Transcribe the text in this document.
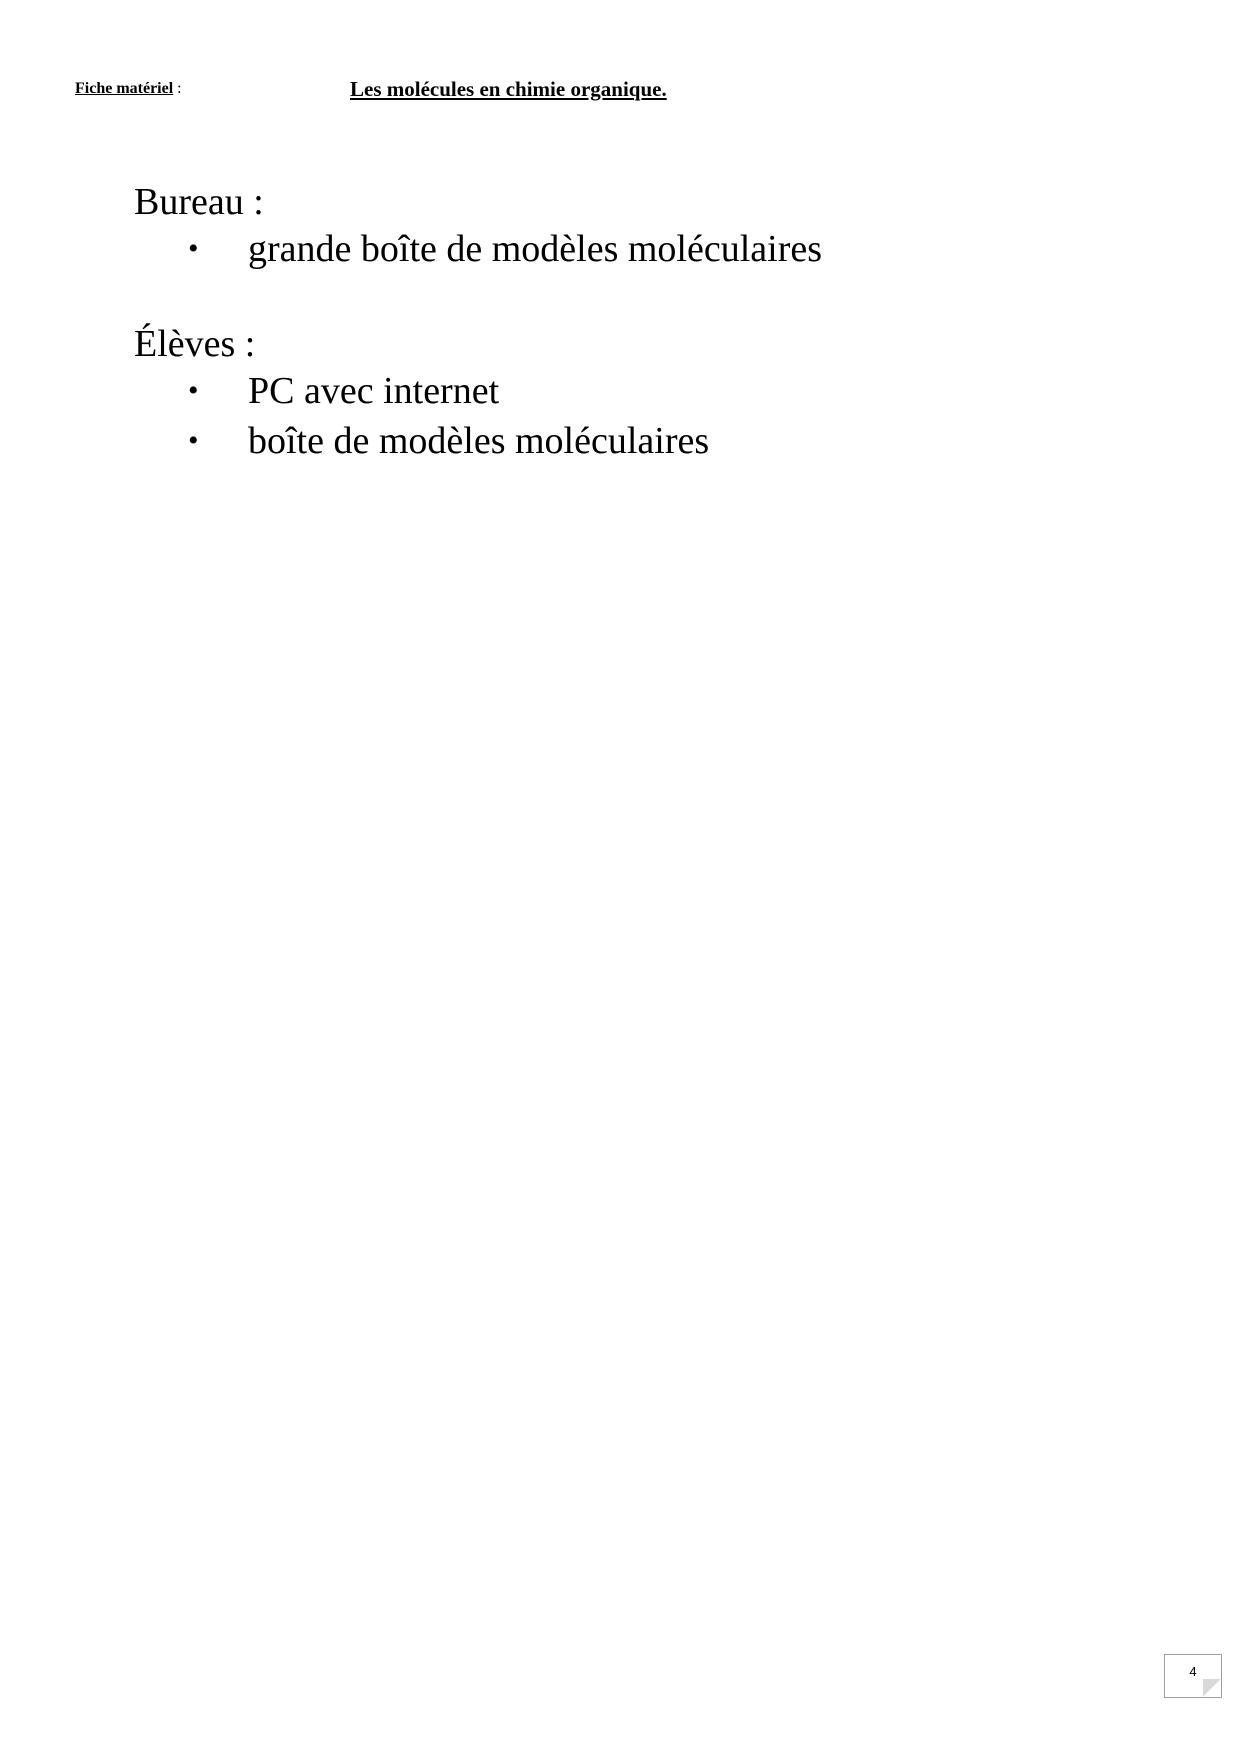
Fiche matériel :	Les molécules en chimie organique.
Bureau :
• grande boîte de modèles moléculaires
Élèves :
• PC avec internet
• boîte de modèles moléculaires
4
